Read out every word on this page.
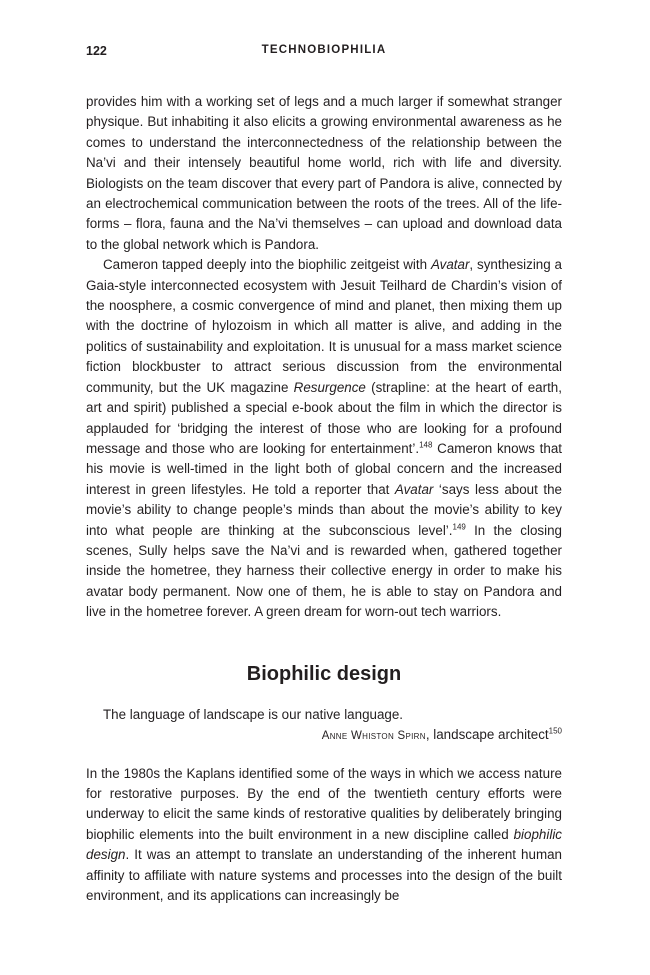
122	TECHNOBIOPHILIA

provides him with a working set of legs and a much larger if somewhat stranger physique. But inhabiting it also elicits a growing environmental awareness as he comes to understand the interconnectedness of the relationship between the Na’vi and their intensely beautiful home world, rich with life and diversity. Biologists on the team discover that every part of Pandora is alive, connected by an electrochemical communication between the roots of the trees. All of the life-forms – flora, fauna and the Na’vi themselves – can upload and download data to the global network which is Pandora.

Cameron tapped deeply into the biophilic zeitgeist with Avatar, synthesizing a Gaia-style interconnected ecosystem with Jesuit Teilhard de Chardin’s vision of the noosphere, a cosmic convergence of mind and planet, then mixing them up with the doctrine of hylozoism in which all matter is alive, and adding in the politics of sustainability and exploitation. It is unusual for a mass market science fiction blockbuster to attract serious discussion from the environmental community, but the UK magazine Resurgence (strapline: at the heart of earth, art and spirit) published a special e-book about the film in which the director is applauded for ‘bridging the interest of those who are looking for a profound message and those who are looking for entertainment’.$^{148}$ Cameron knows that his movie is well-timed in the light both of global concern and the increased interest in green lifestyles. He told a reporter that Avatar ‘says less about the movie’s ability to change people’s minds than about the movie’s ability to key into what people are thinking at the subconscious level’.$^{149}$ In the closing scenes, Sully helps save the Na’vi and is rewarded when, gathered together inside the hometree, they harness their collective energy in order to make his avatar body permanent. Now one of them, he is able to stay on Pandora and live in the hometree forever. A green dream for worn-out tech warriors.

Biophilic design

The language of landscape is our native language.

Anne Whiston Spirn, landscape architect$^{150}$

In the 1980s the Kaplans identified some of the ways in which we access nature for restorative purposes. By the end of the twentieth century efforts were underway to elicit the same kinds of restorative qualities by deliberately bringing biophilic elements into the built environment in a new discipline called biophilic design. It was an attempt to translate an understanding of the inherent human affinity to affiliate with nature systems and processes into the design of the built environment, and its applications can increasingly be
